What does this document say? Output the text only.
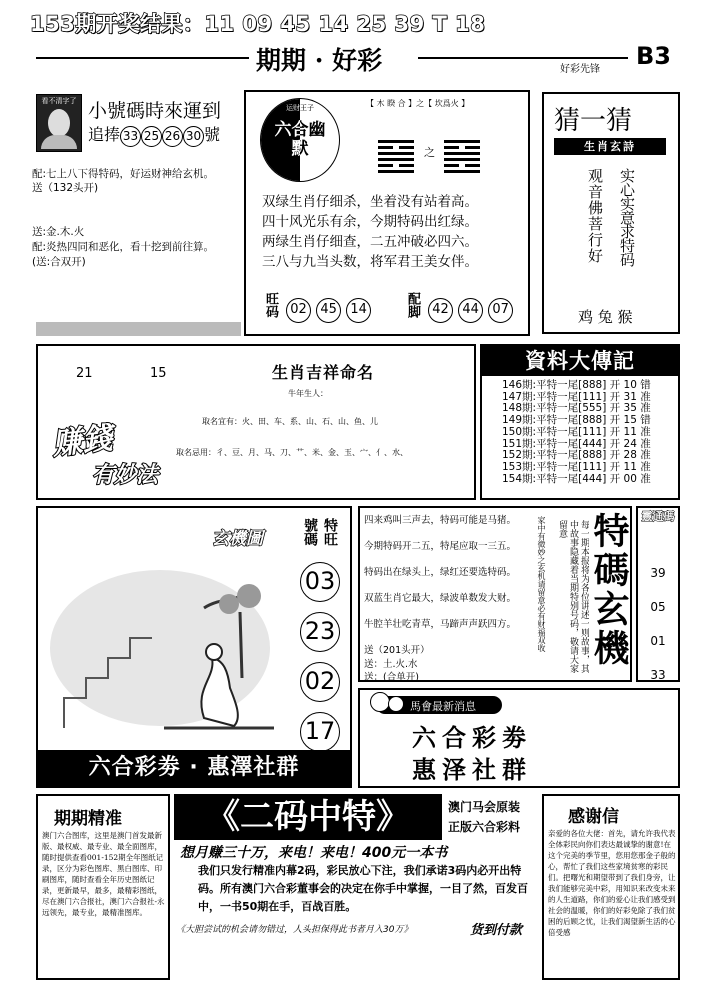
153期开奖结果：11 09 45 14 25 39 T 18
期期 · 好彩	好彩先锋 B3
看不清字了 小號碼時來運到
追捧 33 25 26 30 號
配:七上八下得特码，好运财神给玄机。
送（132头开)
送:金.木.火
配:炎热四同和恶化，看十挖到前往算。
(送:合双开)
运财王子
六合幽默
【 木 睽 合 】之【 坎爲火 】
之
双绿生肖仔细杀，坐着没有站着高。
四十风光乐有余，今期特码出红绿。
两绿生肖仔细查，二五冲破必四六。
三八与九当头数，将军君王美女伴。
旺码 02 45 14	配脚 42 44 07
猜一猜
生肖玄詩
观音佛菩行好 实心实意求特码
鸡 兔 猴
21	15	生肖吉祥命名
牛年生人：
取名宜有：火、田、车、系、山、石、山、鱼、儿
取名忌用：彳、豆、月、马、刀、艹、米、金、玉、宀、亻、水、
赚錢
有妙法
資料大傳記
146期:平特一尾[888] 开 10 错
147期:平特一尾[111] 开 31 准
148期:平特一尾[555] 开 35 准
149期:平特一尾[888] 开 15 错
150期:平特一尾[111] 开 11 准
151期:平特一尾[444] 开 24 准
152期:平特一尾[888] 开 28 准
153期:平特一尾[111] 开 11 准
154期:平特一尾[444] 开 00 准
玄機圖	特旺
號碼
03 23 02 17
六合彩劵 · 惠澤社群
四来鸡叫三声去，特码可能是马猪。
今期特码开二五，特尾应取一三五。
特码出在绿头上，绿红还要选特码。
双蓝生肖它最大，绿波单数发大财。
牛腔羊壮吃青草，马蹄声声跃四方。
送（201头开）
送：土.火.水
送：(合单开)
家中有微妙之玄机请留意必有财福双收	每一期本报将为各位讲述一则故事，其中故事隐藏着当期特别号码，敬请大家留意 特碼玄機	靈通碼
39
05
01
33
馬會最新消息
六合彩劵
惠泽社群
期期精准
澳门六合图库，这里是澳门首发最新版、最权威、最专业、最全面图库，随时提供查看001-152期全年图纸记录，区分为彩色图库、黑白图库、印刷图库，随时查看全年历史图纸记录，更新最早，最多，最精彩图纸，尽在澳门六合报社，澳门六合报社-永远领先，最专业，最精准图库。
《二码中特》	澳门马会原装
正版六合彩料
想月赚三十万，来电！来电！400元一本书
我们只发行精准内幕2码，彩民放心下注，我们承诺3码内必开出特码。所有澳门六合彩董事会的决定在你手中掌握，一目了然，百发百中，一书50期在手，百战百胜。
《大胆尝试的机会请勿错过，人头担保得此书者月入30万》	货到付款
感谢信
亲爱的各位大佬：首先，请允许我代表全体彩民向你们表达最诚挚的谢意!在这个完美的季节里，您用您那金子般的心，帮忙了我们这些家境贫寒的彩民们。把曙光和期望带到了我们身旁，让我们能够完美中彩，用知识来改变未来的人生道路，你们的爱心让我们感受到社会的温暖，你们的好彩免除了我们贫困的后顾之忧，让我们渴望新生活的心倍受感
